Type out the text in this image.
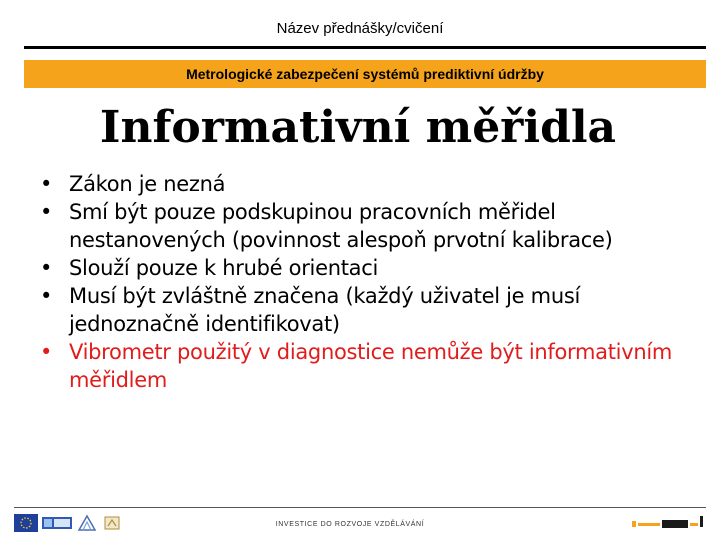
Název přednášky/cvičení
Metrologické zabezpečení systémů prediktivní údržby
Informativní měřidla
• Zákon je nezná
• Smí být pouze podskupinou pracovních měřidel nestanovených (povinnost alespoň prvotní kalibrace)
• Slouží pouze k hrubé orientaci
• Musí být zvláštně značena (každý uživatel je musí jednoznačně identifikovat)
• Vibrometr použitý v diagnostice nemůže být informativním měřidlem
INVESTICE DO ROZVOJE VZDĚLÁVÁNÍ
